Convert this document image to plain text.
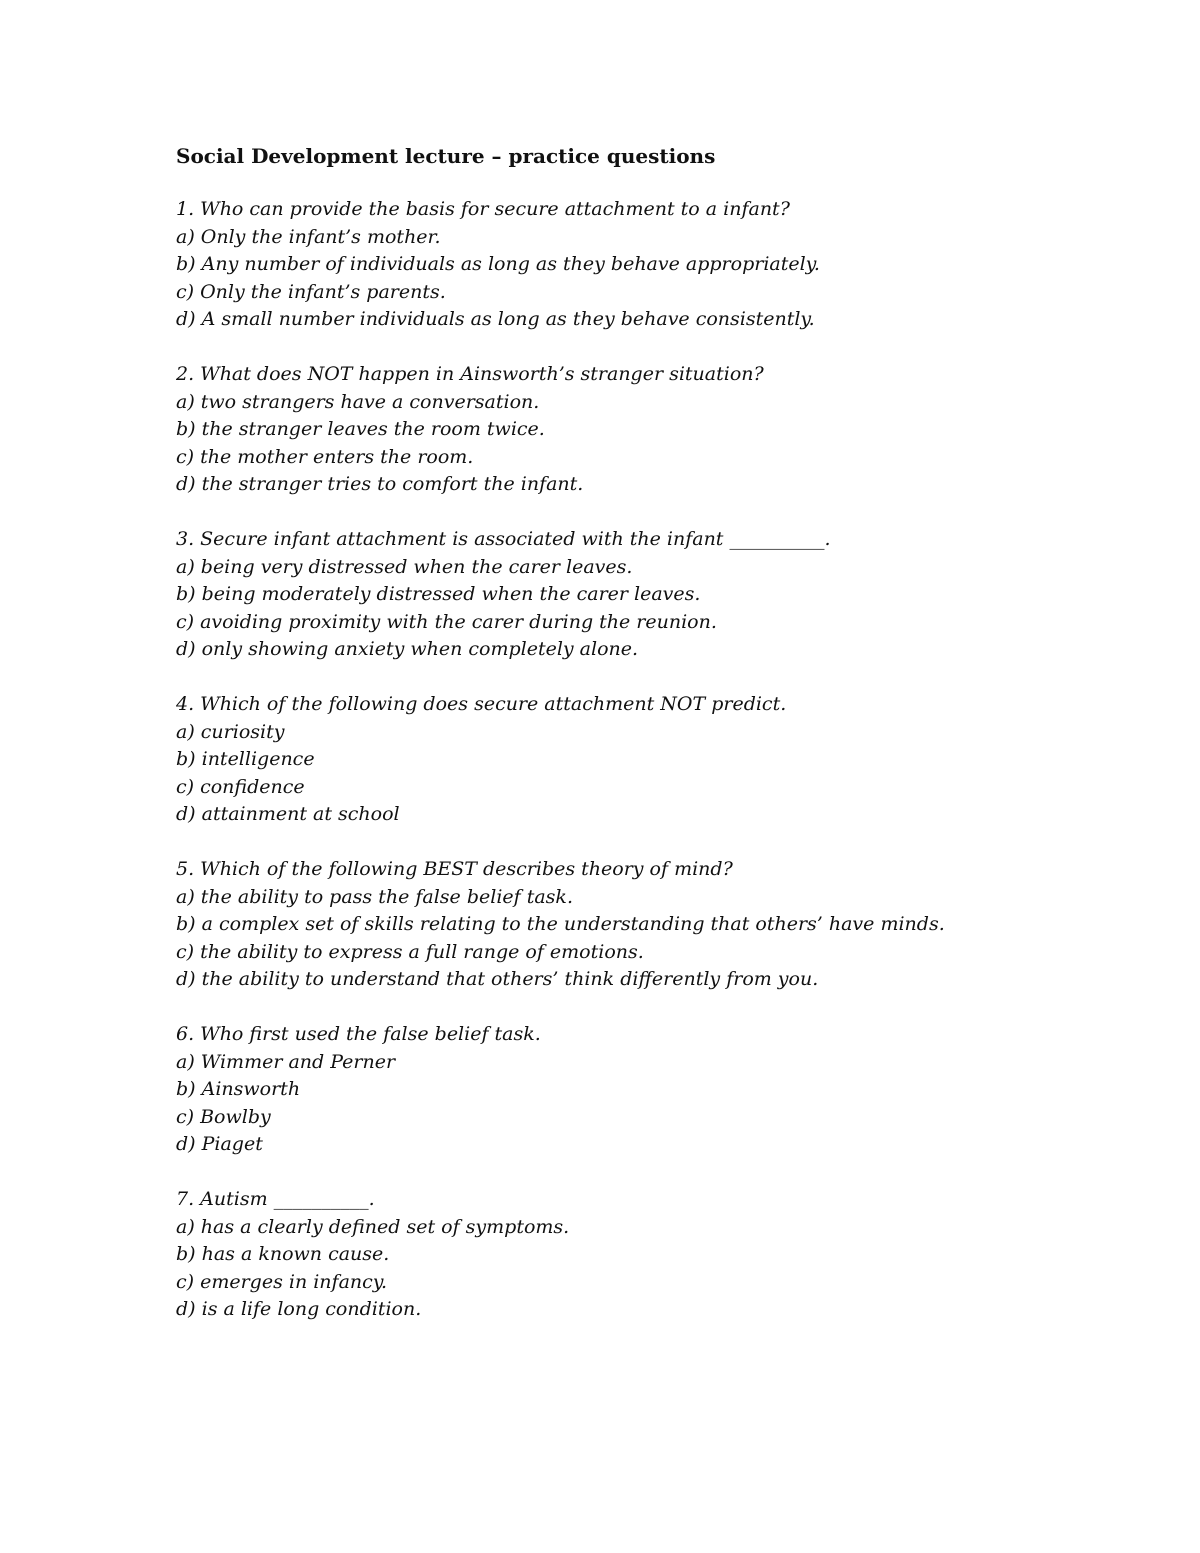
Social Development lecture – practice questions
1. Who can provide the basis for secure attachment to a infant?
a) Only the infant’s mother.
b) Any number of individuals as long as they behave appropriately.
c) Only the infant’s parents.
d) A small number individuals as long as they behave consistently.
2. What does NOT happen in Ainsworth’s stranger situation?
a) two strangers have a conversation.
b) the stranger leaves the room twice.
c) the mother enters the room.
d) the stranger tries to comfort the infant.
3. Secure infant attachment is associated with the infant __________.
a) being very distressed when the carer leaves.
b) being moderately distressed when the carer leaves.
c) avoiding proximity with the carer during the reunion.
d) only showing anxiety when completely alone.
4. Which of the following does secure attachment NOT predict.
a) curiosity
b) intelligence
c) confidence
d) attainment at school
5. Which of the following BEST describes theory of mind?
a) the ability to pass the false belief task.
b) a complex set of skills relating to the understanding that others’ have minds.
c) the ability to express a full range of emotions.
d) the ability to understand that others’ think differently from you.
6. Who first used the false belief task.
a) Wimmer and Perner
b) Ainsworth
c) Bowlby
d) Piaget
7. Autism __________.
a) has a clearly defined set of symptoms.
b) has a known cause.
c) emerges in infancy.
d) is a life long condition.
